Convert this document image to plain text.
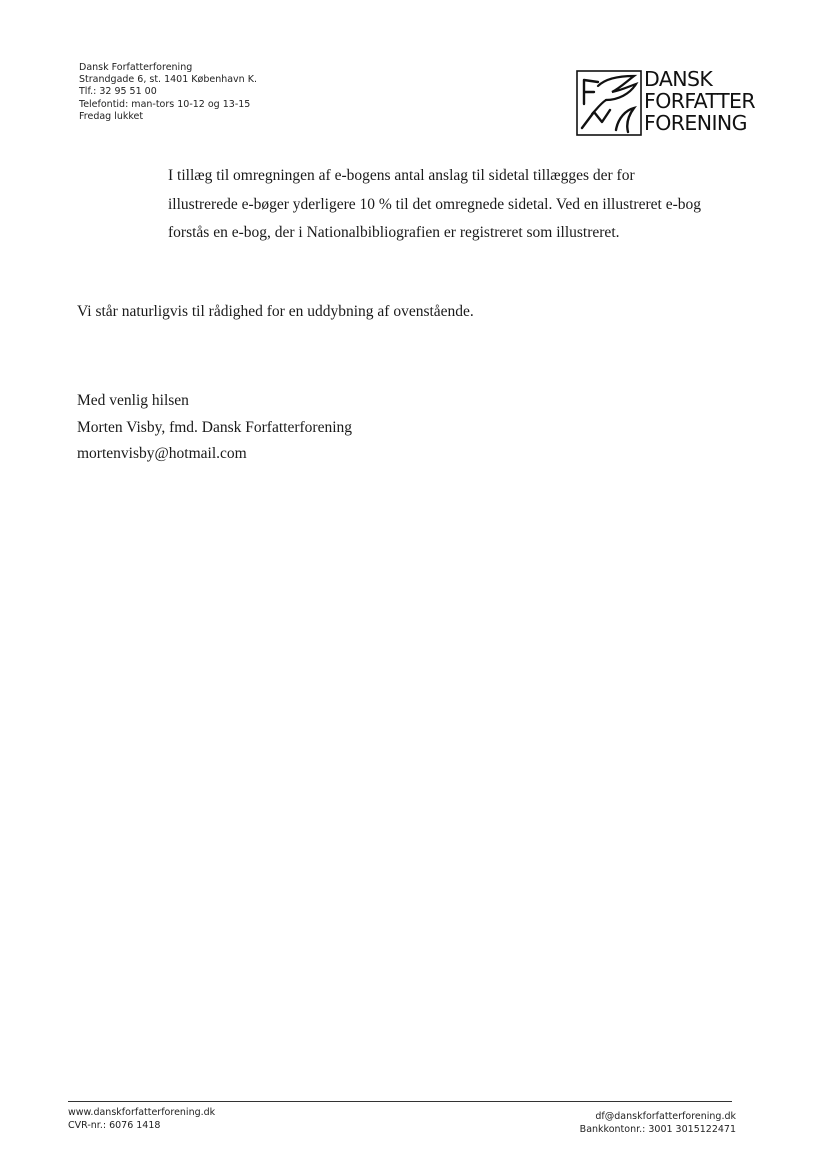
Dansk Forfatterforening
Strandgade 6, st. 1401 København K.
Tlf.: 32 95 51 00
Telefontid: man-tors 10-12 og 13-15
Fredag lukket
DANSK
FORFATTER
FORENING
I tillæg til omregningen af e-bogens antal anslag til sidetal tillægges der for
illustrerede e-bøger yderligere 10 % til det omregnede sidetal. Ved en illustreret e-bog
forstås en e-bog, der i Nationalbibliografien er registreret som illustreret.
Vi står naturligvis til rådighed for en uddybning af ovenstående.
Med venlig hilsen
Morten Visby, fmd. Dansk Forfatterforening
mortenvisby@hotmail.com
www.danskforfatterforening.dk
CVR-nr.: 6076 1418
df@danskforfatterforening.dk
Bankkontonr.: 3001 3015122471
